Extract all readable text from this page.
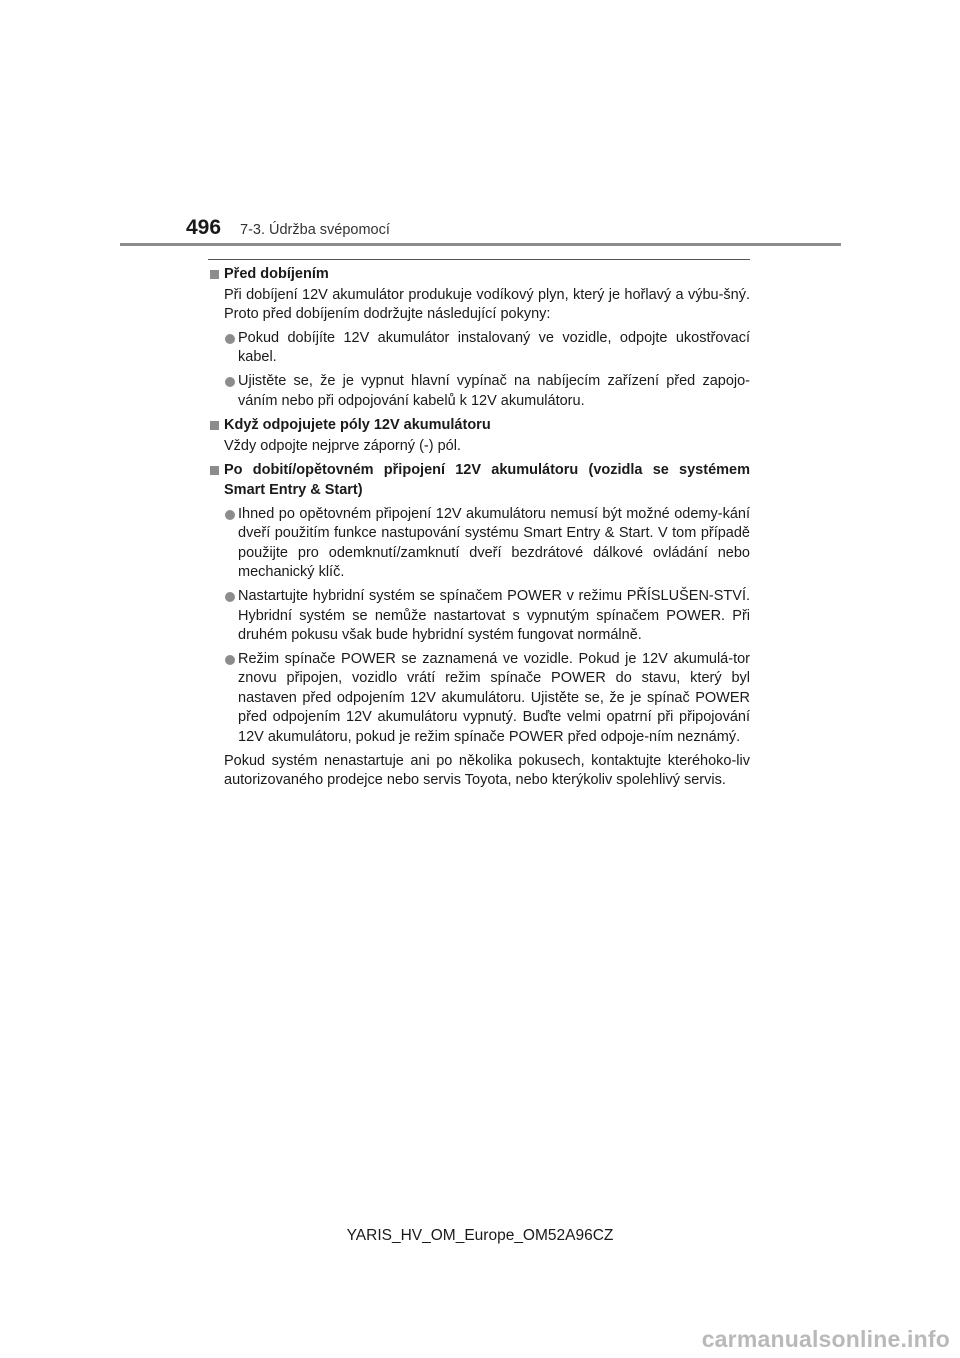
496 7-3. Údržba svépomocí
Před dobíjením
Při dobíjení 12V akumulátor produkuje vodíkový plyn, který je hořlavý a výbu-šný. Proto před dobíjením dodržujte následující pokyny:
Pokud dobíjíte 12V akumulátor instalovaný ve vozidle, odpojte ukostřovací kabel.
Ujistěte se, že je vypnut hlavní vypínač na nabíjecím zařízení před zapojo-váním nebo při odpojování kabelů k 12V akumulátoru.
Když odpojujete póly 12V akumulátoru
Vždy odpojte nejprve záporný (-) pól.
Po dobití/opětovném připojení 12V akumulátoru (vozidla se systémem Smart Entry & Start)
Ihned po opětovném připojení 12V akumulátoru nemusí být možné odemy-kání dveří použitím funkce nastupování systému Smart Entry & Start. V tom případě použijte pro odemknutí/zamknutí dveří bezdrátové dálkové ovládání nebo mechanický klíč.
Nastartujte hybridní systém se spínačem POWER v režimu PŘÍSLUŠEN-STVÍ. Hybridní systém se nemůže nastartovat s vypnutým spínačem POWER. Při druhém pokusu však bude hybridní systém fungovat normálně.
Režim spínače POWER se zaznamená ve vozidle. Pokud je 12V akumulá-tor znovu připojen, vozidlo vrátí režim spínače POWER do stavu, který byl nastaven před odpojením 12V akumulátoru. Ujistěte se, že je spínač POWER před odpojením 12V akumulátoru vypnutý. Buďte velmi opatrní při připojování 12V akumulátoru, pokud je režim spínače POWER před odpoje-ním neznámý.
Pokud systém nenastartuje ani po několika pokusech, kontaktujte kteréhoko-liv autorizovaného prodejce nebo servis Toyota, nebo kterýkoliv spolehlivý servis.
YARIS_HV_OM_Europe_OM52A96CZ
carmanualsonline.info
